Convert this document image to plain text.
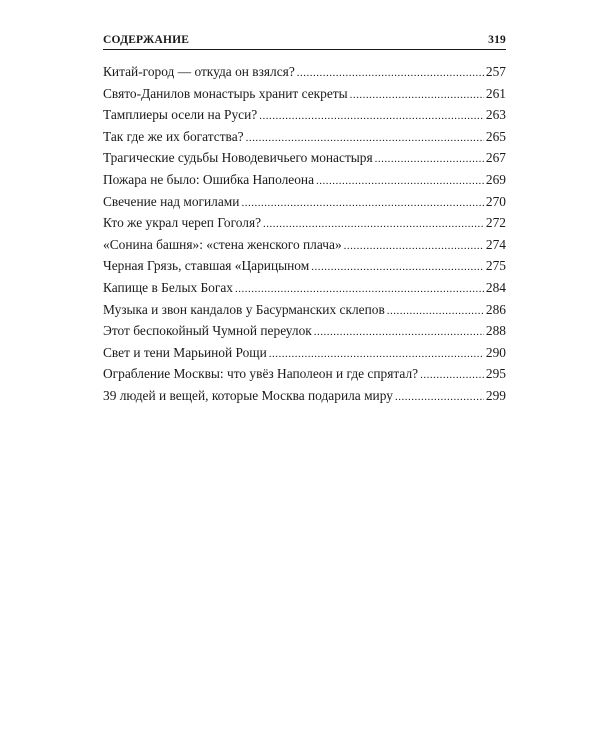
СОДЕРЖАНИЕ	319
Китай-город — откуда он взялся? .....	257
Свято-Данилов монастырь хранит секреты .....	261
Тамплиеры осели на Руси? .....	263
Так где же их богатства? .....	265
Трагические судьбы Новодевичьего монастыря .....	267
Пожара не было: Ошибка Наполеона .....	269
Свечение над могилами .....	270
Кто же украл череп Гоголя? .....	272
«Сонина башня»: «стена женского плача» .....	274
Черная Грязь, ставшая «Царицыном .....	275
Капище в Белых Богах .....	284
Музыка и звон кандалов у Басурманских склепов .....	286
Этот беспокойный Чумной переулок .....	288
Свет и тени Марьиной Рощи .....	290
Ограбление Москвы: что увёз Наполеон и где спрятал? .....	295
39 людей и вещей, которые Москва подарила миру .....	299
